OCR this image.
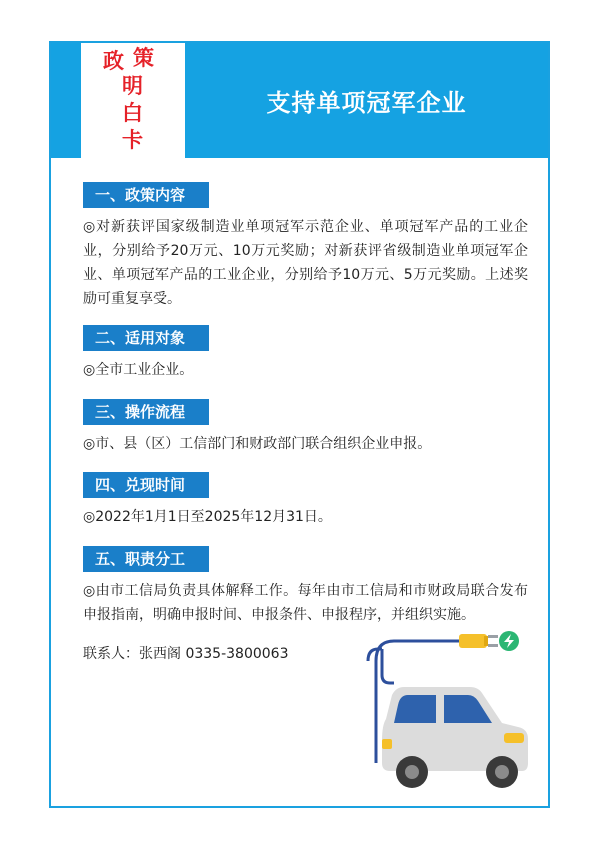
政 策
明
白
卡
支持单项冠军企业
一、政策内容
◎对新获评国家级制造业单项冠军示范企业、单项冠军产品的工业企业，分别给予20万元、10万元奖励；对新获评省级制造业单项冠军企业、单项冠军产品的工业企业，分别给予10万元、5万元奖励。上述奖励可重复享受。
二、适用对象
◎全市工业企业。
三、操作流程
◎市、县（区）工信部门和财政部门联合组织企业申报。
四、兑现时间
◎2022年1月1日至2025年12月31日。
五、职责分工
◎由市工信局负责具体解释工作。每年由市工信局和市财政局联合发布申报指南，明确申报时间、申报条件、申报程序，并组织实施。
联系人：张西阁 0335-3800063
